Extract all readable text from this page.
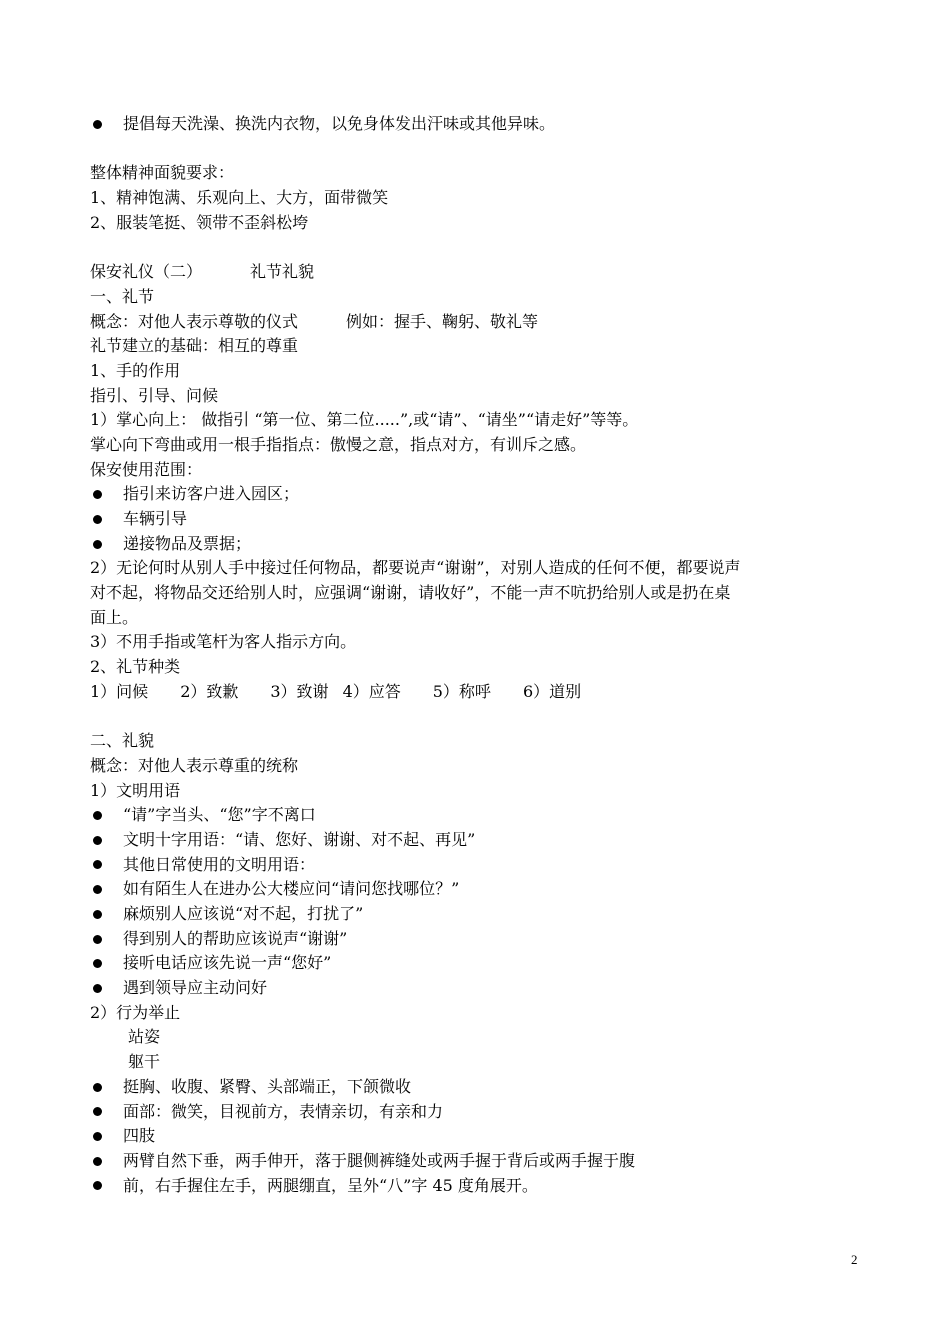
提倡每天洗澡、换洗内衣物，以免身体发出汗味或其他异味。
整体精神面貌要求：
1、精神饱满、乐观向上、大方，面带微笑
2、服装笔挺、领带不歪斜松垮
保安礼仪（二）	礼节礼貌
一、礼节
概念：对他人表示尊敬的仪式	例如：握手、鞠躬、敬礼等
礼节建立的基础：相互的尊重
1、手的作用
指引、引导、问候
1）掌心向上： 做指引 “第一位、第二位.....”,或“请”、“请坐”“请走好”等等。
掌心向下弯曲或用一根手指指点：傲慢之意，指点对方，有训斥之感。
保安使用范围：
指引来访客户进入园区；
车辆引导
递接物品及票据；
2）无论何时从别人手中接过任何物品，都要说声“谢谢”，对别人造成的任何不便，都要说声
对不起，将物品交还给别人时，应强调“谢谢，请收好”，不能一声不吭扔给别人或是扔在桌
面上。
3）不用手指或笔杆为客人指示方向。
2、礼节种类
1）问候 2）致歉 3）致谢 4）应答 5）称呼 6）道别
二、礼貌
概念：对他人表示尊重的统称
1）文明用语
“请”字当头、“您”字不离口
文明十字用语：“请、您好、谢谢、对不起、再见”
其他日常使用的文明用语：
如有陌生人在进办公大楼应问“请问您找哪位？”
麻烦别人应该说“对不起，打扰了”
得到别人的帮助应该说声“谢谢”
接听电话应该先说一声“您好”
遇到领导应主动问好
2）行为举止
站姿
躯干
挺胸、收腹、紧臀、头部端正，下颌微收
面部：微笑，目视前方，表情亲切，有亲和力
四肢
两臂自然下垂，两手伸开，落于腿侧裤缝处或两手握于背后或两手握于腹
前，右手握住左手，两腿绷直，呈外“八”字 45 度角展开。
2
